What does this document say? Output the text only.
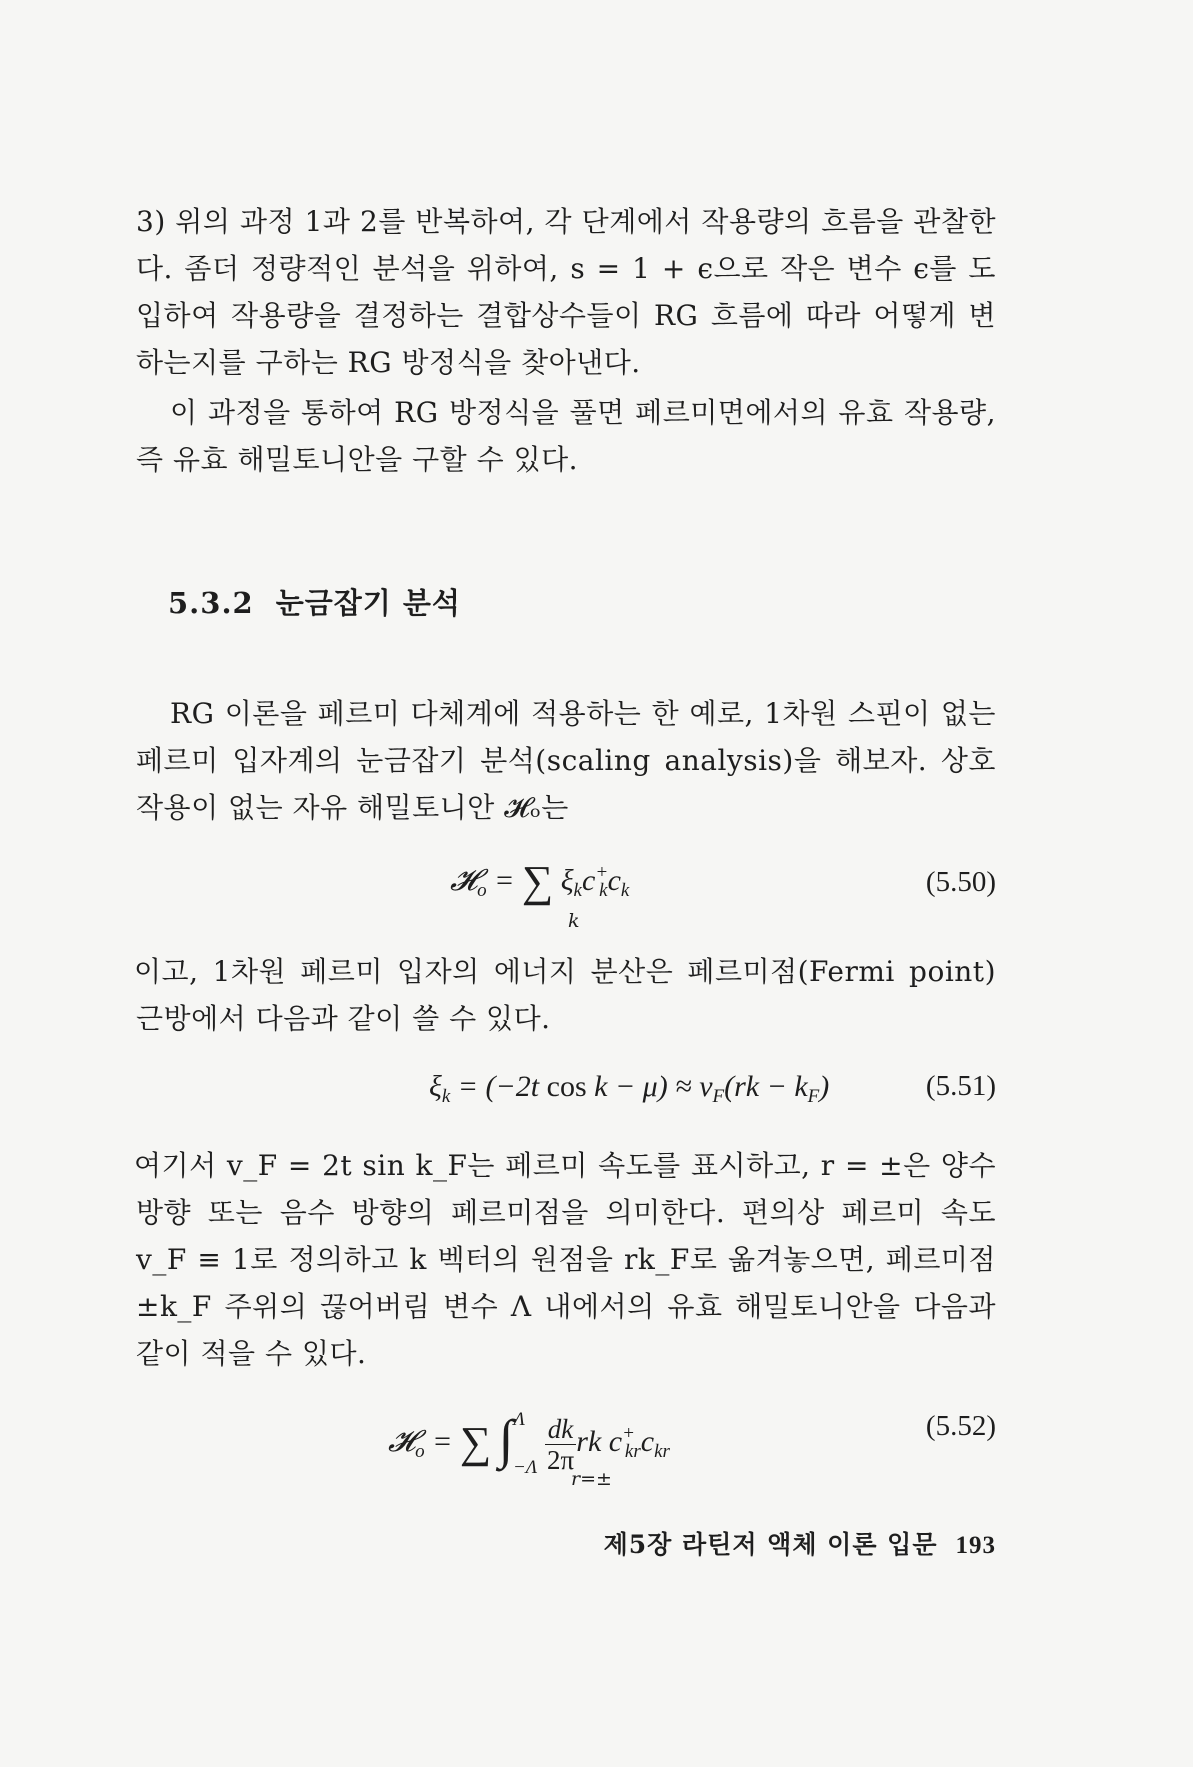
3) 위의 과정 1과 2를 반복하여, 각 단계에서 작용량의 흐름을 관찰한다. 좀더 정량적인 분석을 위하여, s = 1 + ϵ으로 작은 변수 ϵ를 도입하여 작용량을 결정하는 결합상수들이 RG 흐름에 따라 어떻게 변하는지를 구하는 RG 방정식을 찾아낸다.
이 과정을 통하여 RG 방정식을 풀면 페르미면에서의 유효 작용량, 즉 유효 해밀토니안을 구할 수 있다.
5.3.2 눈금잡기 분석
RG 이론을 페르미 다체계에 적용하는 한 예로, 1차원 스핀이 없는 페르미 입자계의 눈금잡기 분석(scaling analysis)을 해보자. 상호작용이 없는 자유 해밀토니안 𝓗ₒ는
𝓗$_o$ = ∑ $\xi_kc^+_kc_k$
k
(5.50)
이고, 1차원 페르미 입자의 에너지 분산은 페르미점(Fermi point) 근방에서 다음과 같이 쓸 수 있다.
$\xi_k = (-2t$ $\cos k - \mu) \approx v_F(rk - k_F)$	(5.51)
여기서 v_F = 2t sin k_F는 페르미 속도를 표시하고, r = ±은 양수 방향 또는 음수 방향의 페르미점을 의미한다. 편의상 페르미 속도 v_F ≡ 1로 정의하고 k 벡터의 원점을 rk_F로 옮겨놓으면, 페르미점 ±k_F 주위의 끊어버림 변수 Λ 내에서의 유효 해밀토니안을 다음과 같이 적을 수 있다.
𝓗$_o$ = ∑ $\int^\Lambda_{-\Lambda} \frac{dk}{2\pi}$ rk $c^+_{kr}c_{kr}$
r=±
(5.52)
제5장 라틴저 액체 이론 입문 193
